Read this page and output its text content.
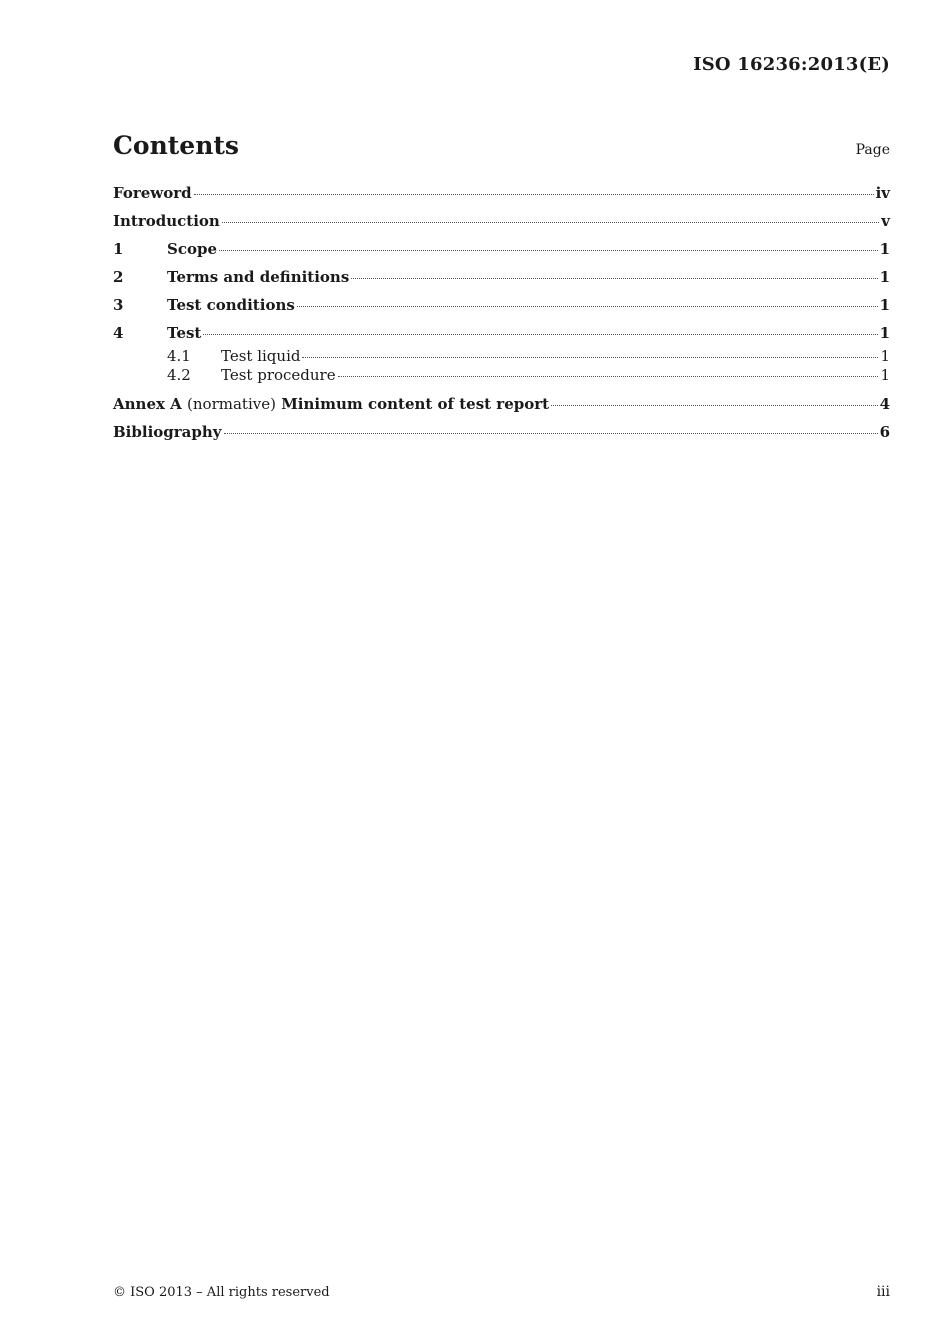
ISO 16236:2013(E)
Contents	Page
Foreword	iv
Introduction	v
1	Scope	1
2	Terms and definitions	1
3	Test conditions	1
4	Test	1
4.1	Test liquid	1
4.2	Test procedure	1
Annex A (normative) Minimum content of test report	4
Bibliography	6
© ISO 2013 – All rights reserved	iii
